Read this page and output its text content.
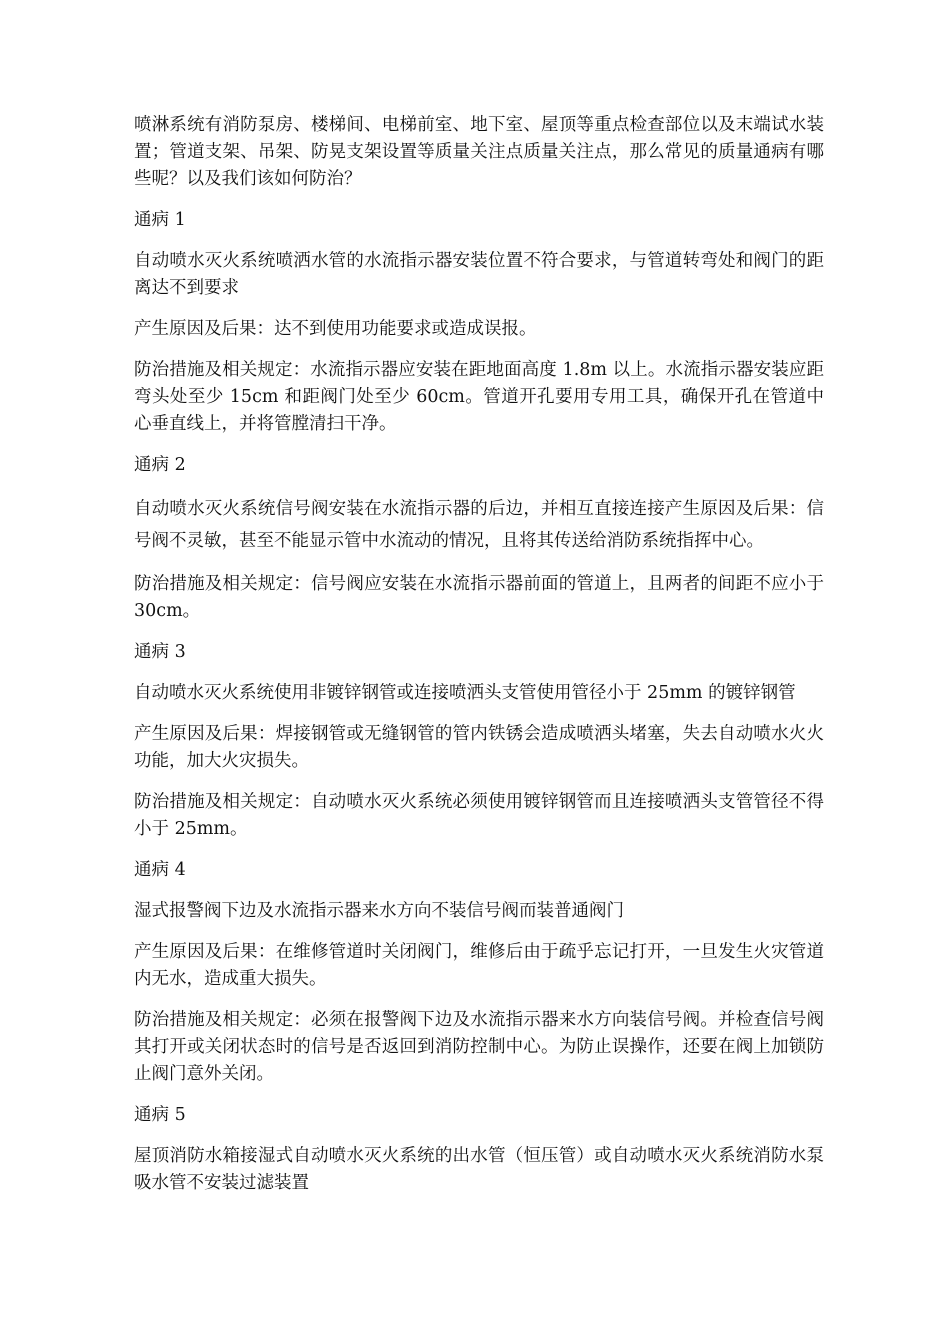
喷淋系统有消防泵房、楼梯间、电梯前室、地下室、屋顶等重点检查部位以及末端试水装置；管道支架、吊架、防晃支架设置等质量关注点质量关注点，那么常见的质量通病有哪些呢？以及我们该如何防治？

通病 1

自动喷水灭火系统喷洒水管的水流指示器安装位置不符合要求，与管道转弯处和阀门的距离达不到要求

产生原因及后果：达不到使用功能要求或造成误报。

防治措施及相关规定：水流指示器应安装在距地面高度 1.8m 以上。水流指示器安装应距弯头处至少 15cm 和距阀门处至少 60cm。管道开孔要用专用工具，确保开孔在管道中心垂直线上，并将管膛清扫干净。

通病 2

自动喷水灭火系统信号阀安装在水流指示器的后边，并相互直接连接产生原因及后果：信号阀不灵敏，甚至不能显示管中水流动的情况，且将其传送给消防系统指挥中心。

防治措施及相关规定：信号阀应安装在水流指示器前面的管道上，且两者的间距不应小于 30cm。

通病 3

自动喷水灭火系统使用非镀锌钢管或连接喷洒头支管使用管径小于 25mm 的镀锌钢管

产生原因及后果：焊接钢管或无缝钢管的管内铁锈会造成喷洒头堵塞，失去自动喷水火火功能，加大火灾损失。

防治措施及相关规定：自动喷水灭火系统必须使用镀锌钢管而且连接喷洒头支管管径不得小于 25mm。

通病 4

湿式报警阀下边及水流指示器来水方向不装信号阀而装普通阀门

产生原因及后果：在维修管道时关闭阀门，维修后由于疏乎忘记打开，一旦发生火灾管道内无水，造成重大损失。

防治措施及相关规定：必须在报警阀下边及水流指示器来水方向装信号阀。并检查信号阀其打开或关闭状态时的信号是否返回到消防控制中心。为防止误操作，还要在阀上加锁防止阀门意外关闭。

通病 5

屋顶消防水箱接湿式自动喷水灭火系统的出水管（恒压管）或自动喷水灭火系统消防水泵吸水管不安装过滤装置
